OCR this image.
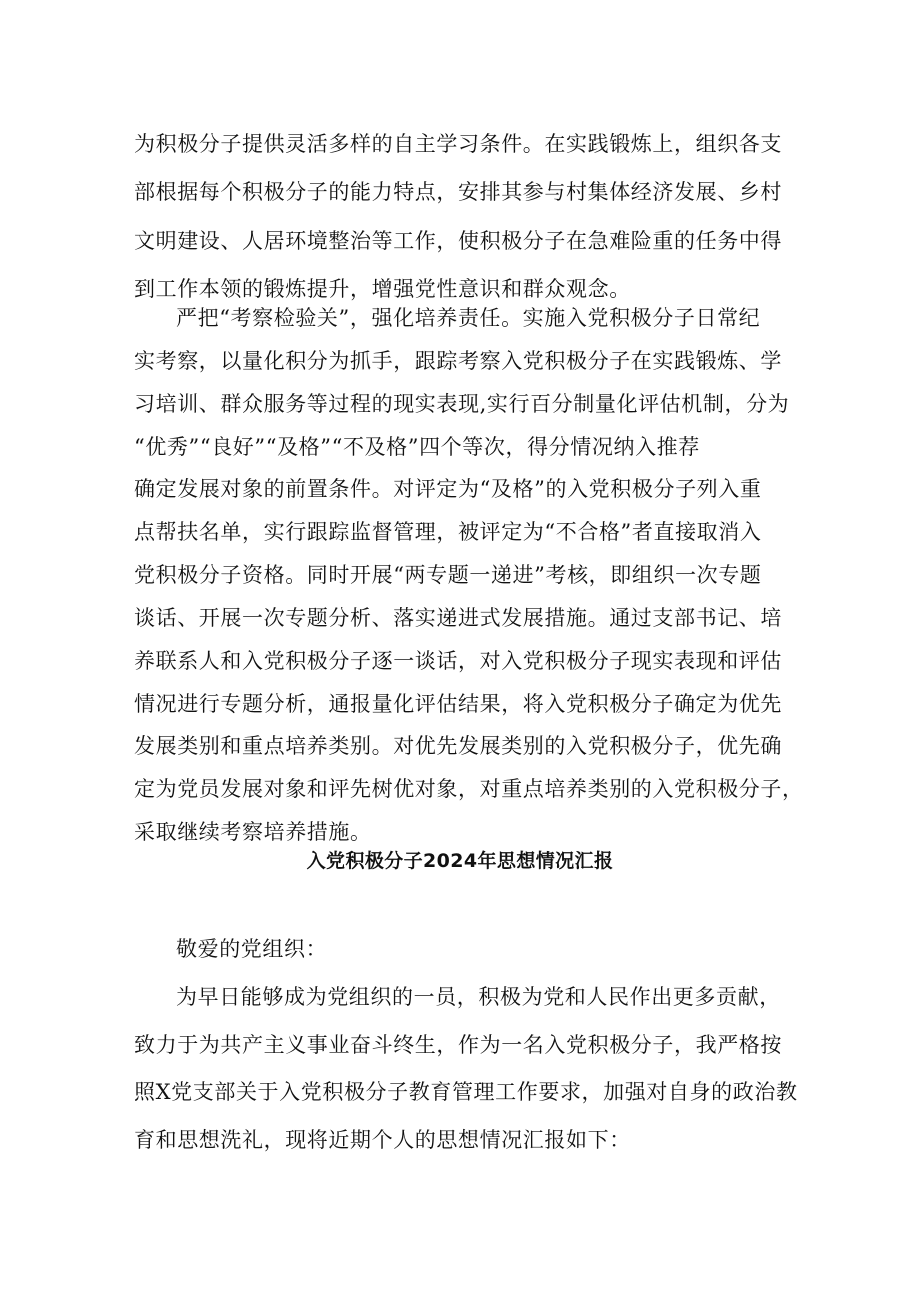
为积极分子提供灵活多样的自主学习条件。在实践锻炼上，组织各支
部根据每个积极分子的能力特点，安排其参与村集体经济发展、乡村
文明建设、人居环境整治等工作，使积极分子在急难险重的任务中得
到工作本领的锻炼提升，增强党性意识和群众观念。
严把“考察检验关”，强化培养责任。实施入党积极分子日常纪
实考察，以量化积分为抓手，跟踪考察入党积极分子在实践锻炼、学
习培训、群众服务等过程的现实表现,实行百分制量化评估机制，分为
“优秀”“良好”“及格”“不及格”四个等次，得分情况纳入推荐
确定发展对象的前置条件。对评定为“及格”的入党积极分子列入重
点帮扶名单，实行跟踪监督管理，被评定为“不合格”者直接取消入
党积极分子资格。同时开展“两专题一递进”考核，即组织一次专题
谈话、开展一次专题分析、落实递进式发展措施。通过支部书记、培
养联系人和入党积极分子逐一谈话，对入党积极分子现实表现和评估
情况进行专题分析，通报量化评估结果，将入党积极分子确定为优先
发展类别和重点培养类别。对优先发展类别的入党积极分子，优先确
定为党员发展对象和评先树优对象，对重点培养类别的入党积极分子，
采取继续考察培养措施。
入党积极分子2024年思想情况汇报
敬爱的党组织：
为早日能够成为党组织的一员，积极为党和人民作出更多贡献，
致力于为共产主义事业奋斗终生，作为一名入党积极分子，我严格按
照X党支部关于入党积极分子教育管理工作要求，加强对自身的政治教
育和思想洗礼，现将近期个人的思想情况汇报如下：
